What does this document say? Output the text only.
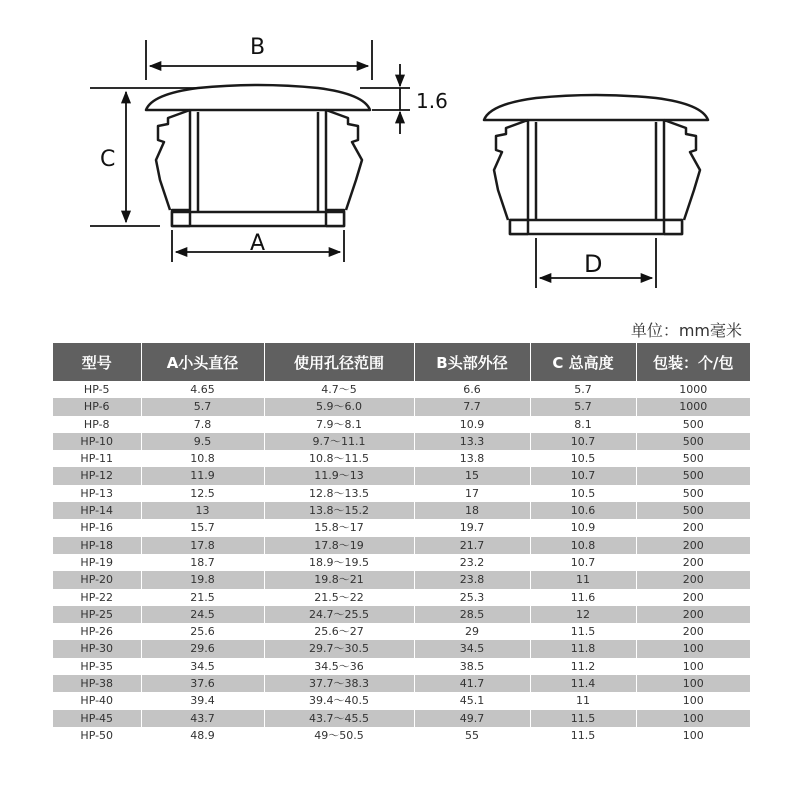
B
C
A
1.6
D
单位：mm毫米
型号	A小头直径	使用孔径范围	B头部外径	C 总高度	包装：个/包
HP-5	4.65	4.7～5	6.6	5.7	1000
HP-6	5.7	5.9～6.0	7.7	5.7	1000
HP-8	7.8	7.9～8.1	10.9	8.1	500
HP-10	9.5	9.7～11.1	13.3	10.7	500
HP-11	10.8	10.8～11.5	13.8	10.5	500
HP-12	11.9	11.9～13	15	10.7	500
HP-13	12.5	12.8～13.5	17	10.5	500
HP-14	13	13.8～15.2	18	10.6	500
HP-16	15.7	15.8～17	19.7	10.9	200
HP-18	17.8	17.8～19	21.7	10.8	200
HP-19	18.7	18.9～19.5	23.2	10.7	200
HP-20	19.8	19.8～21	23.8	11	200
HP-22	21.5	21.5～22	25.3	11.6	200
HP-25	24.5	24.7～25.5	28.5	12	200
HP-26	25.6	25.6～27	29	11.5	200
HP-30	29.6	29.7～30.5	34.5	11.8	100
HP-35	34.5	34.5～36	38.5	11.2	100
HP-38	37.6	37.7～38.3	41.7	11.4	100
HP-40	39.4	39.4～40.5	45.1	11	100
HP-45	43.7	43.7～45.5	49.7	11.5	100
HP-50	48.9	49～50.5	55	11.5	100
